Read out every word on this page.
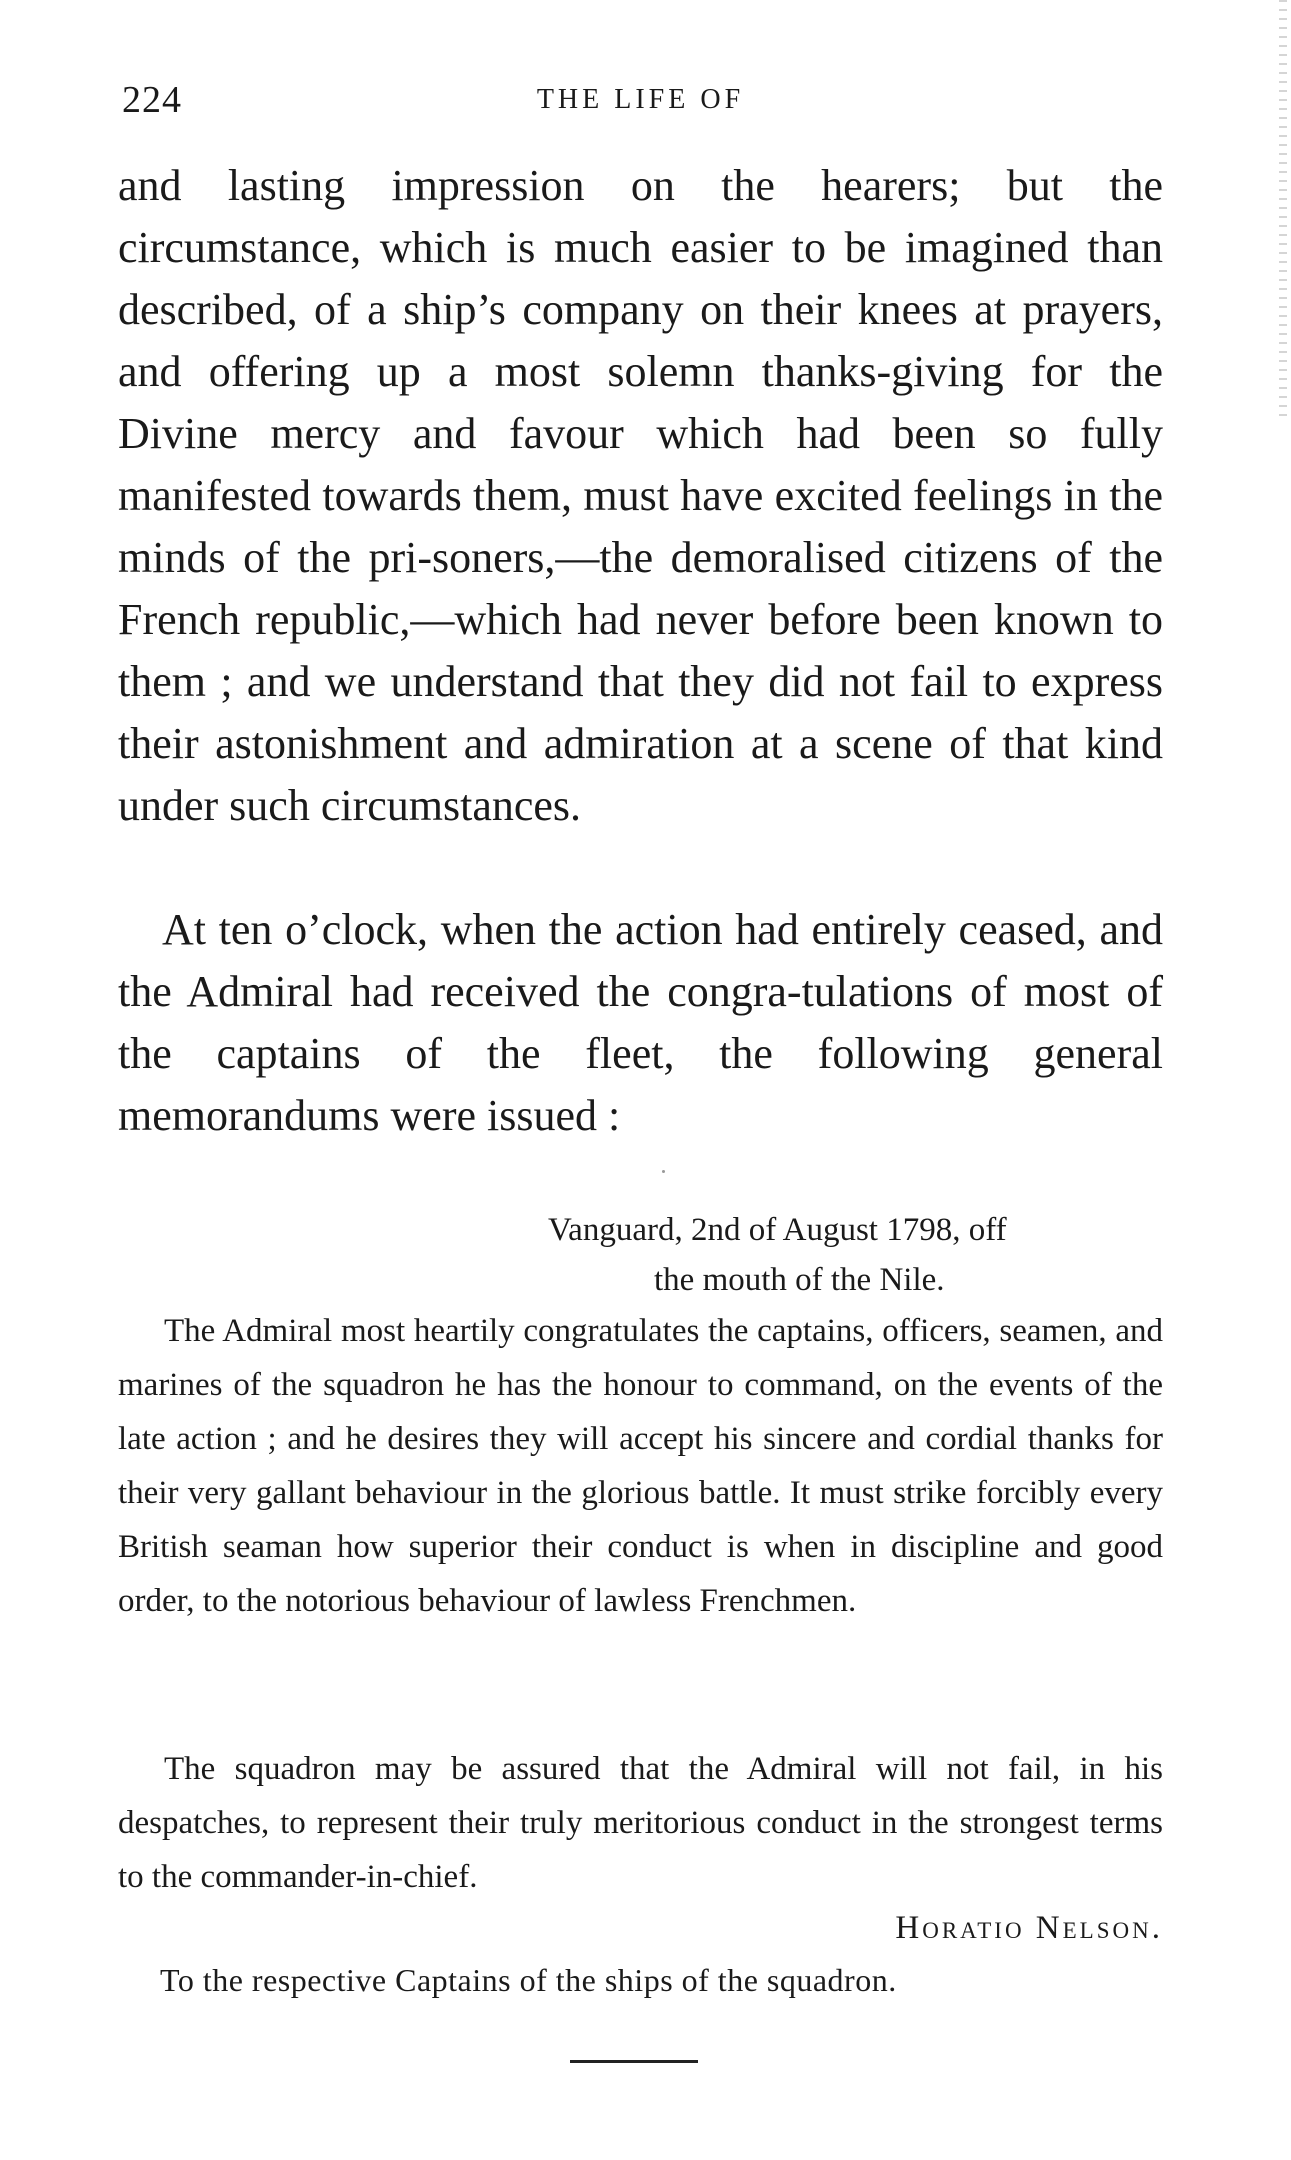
224	THE LIFE OF

and lasting impression on the hearers; but the circumstance, which is much easier to be imagined than described, of a ship’s company on their knees at prayers, and offering up a most solemn thanks-giving for the Divine mercy and favour which had been so fully manifested towards them, must have excited feelings in the minds of the pri-soners,—the demoralised citizens of the French republic,—which had never before been known to them ; and we understand that they did not fail to express their astonishment and admiration at a scene of that kind under such circumstances.

At ten o’clock, when the action had entirely ceased, and the Admiral had received the congra-tulations of most of the captains of the fleet, the following general memorandums were issued :

Vanguard, 2nd of August 1798, off
the mouth of the Nile.

The Admiral most heartily congratulates the captains, officers, seamen, and marines of the squadron he has the honour to command, on the events of the late action ; and he desires they will accept his sincere and cordial thanks for their very gallant behaviour in the glorious battle. It must strike forcibly every British seaman how superior their conduct is when in discipline and good order, to the notorious behaviour of lawless Frenchmen.

The squadron may be assured that the Admiral will not fail, in his despatches, to represent their truly meritorious conduct in the strongest terms to the commander-in-chief.

Horatio Nelson.
To the respective Captains of the ships of the squadron.
